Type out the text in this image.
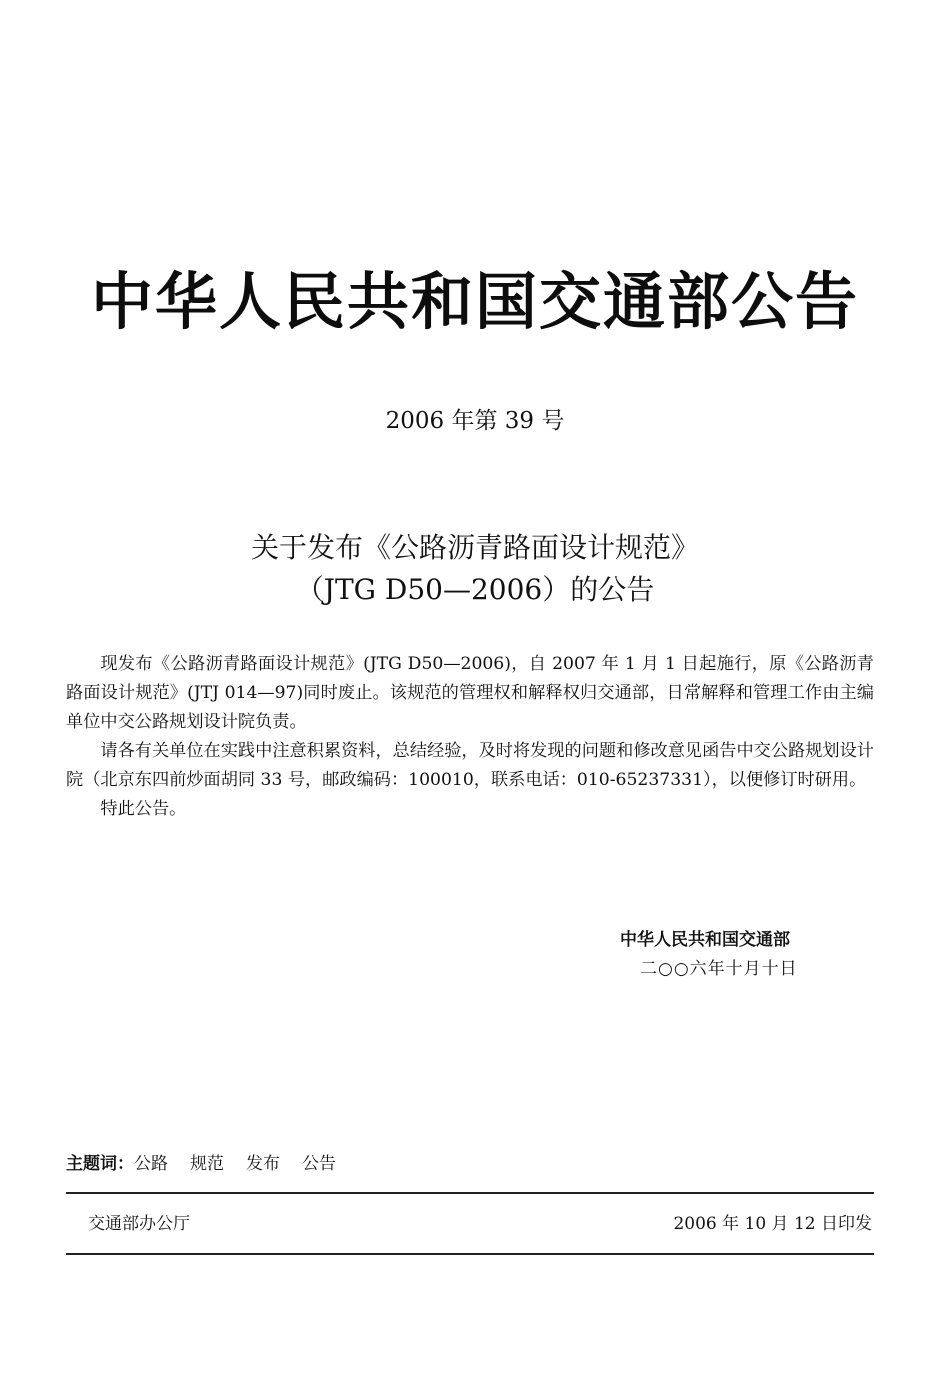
中华人民共和国交通部公告
2006 年第 39 号
关于发布《公路沥青路面设计规范》
（JTG D50—2006）的公告

现发布《公路沥青路面设计规范》(JTG D50—2006)，自 2007 年 1 月 1 日起施行，原《公路沥青路面设计规范》(JTJ 014—97)同时废止。该规范的管理权和解释权归交通部，日常解释和管理工作由主编单位中交公路规划设计院负责。

请各有关单位在实践中注意积累资料，总结经验，及时将发现的问题和修改意见函告中交公路规划设计院（北京东四前炒面胡同 33 号，邮政编码：100010，联系电话：010-65237331），以便修订时研用。

特此公告。

中华人民共和国交通部
二○○六年十月十日
主题词：公路 规范 发布 公告
交通部办公厅	2006 年 10 月 12 日印发
